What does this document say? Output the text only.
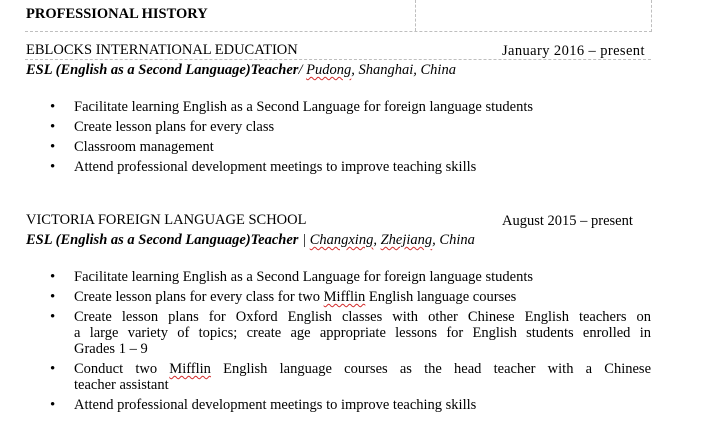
PROFESSIONAL HISTORY
EBLOCKS INTERNATIONAL EDUCATION	January 2016 – present
ESL (English as a Second Language)Teacher/ Pudong, Shanghai, China
• Facilitate learning English as a Second Language for foreign language students
• Create lesson plans for every class
• Classroom management
• Attend professional development meetings to improve teaching skills
VICTORIA FOREIGN LANGUAGE SCHOOL	August 2015 – present
ESL (English as a Second Language)Teacher | Changxing, Zhejiang, China
• Facilitate learning English as a Second Language for foreign language students
• Create lesson plans for every class for two Mifflin English language courses
• Create lesson plans for Oxford English classes with other Chinese English teachers on
a large variety of topics; create age appropriate lessons for English students enrolled in
Grades 1 – 9
• Conduct two Mifflin English language courses as the head teacher with a Chinese
teacher assistant
• Attend professional development meetings to improve teaching skills
